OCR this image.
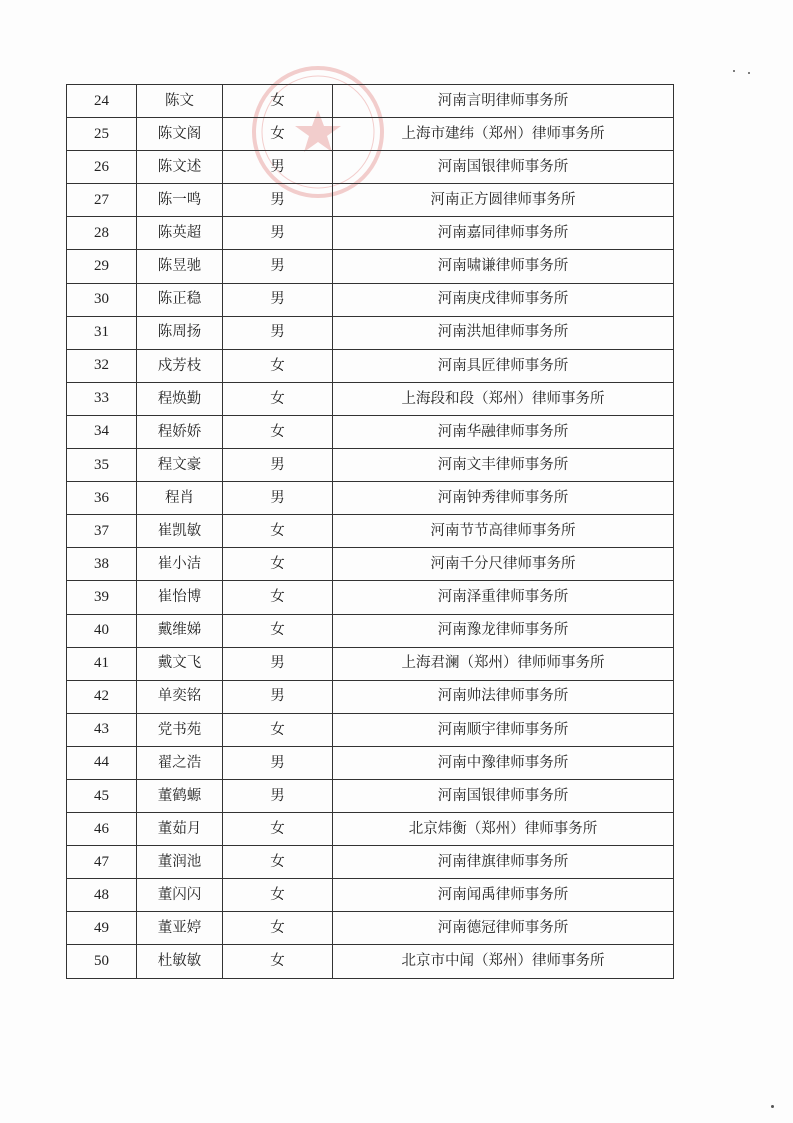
24	陈文	女	河南言明律师事务所
25	陈文阁	女	上海市建纬（郑州）律师事务所
26	陈文述	男	河南国银律师事务所
27	陈一鸣	男	河南正方圆律师事务所
28	陈英超	男	河南嘉同律师事务所
29	陈昱驰	男	河南啸谦律师事务所
30	陈正稳	男	河南庚戌律师事务所
31	陈周扬	男	河南洪旭律师事务所
32	戍芳枝	女	河南具匠律师事务所
33	程焕勤	女	上海段和段（郑州）律师事务所
34	程娇娇	女	河南华融律师事务所
35	程文豪	男	河南文丰律师事务所
36	程肖	男	河南钟秀律师事务所
37	崔凯敏	女	河南节节高律师事务所
38	崔小洁	女	河南千分尺律师事务所
39	崔怡博	女	河南泽重律师事务所
40	戴维娣	女	河南豫龙律师事务所
41	戴文飞	男	上海君澜（郑州）律师师事务所
42	单奕铭	男	河南帅法律师事务所
43	党书苑	女	河南顺宇律师事务所
44	翟之浩	男	河南中豫律师事务所
45	董鹤螈	男	河南国银律师事务所
46	董茹月	女	北京炜衡（郑州）律师事务所
47	董润池	女	河南律旗律师事务所
48	董闪闪	女	河南闻禹律师事务所
49	董亚婷	女	河南德冠律师事务所
50	杜敏敏	女	北京市中闻（郑州）律师事务所
